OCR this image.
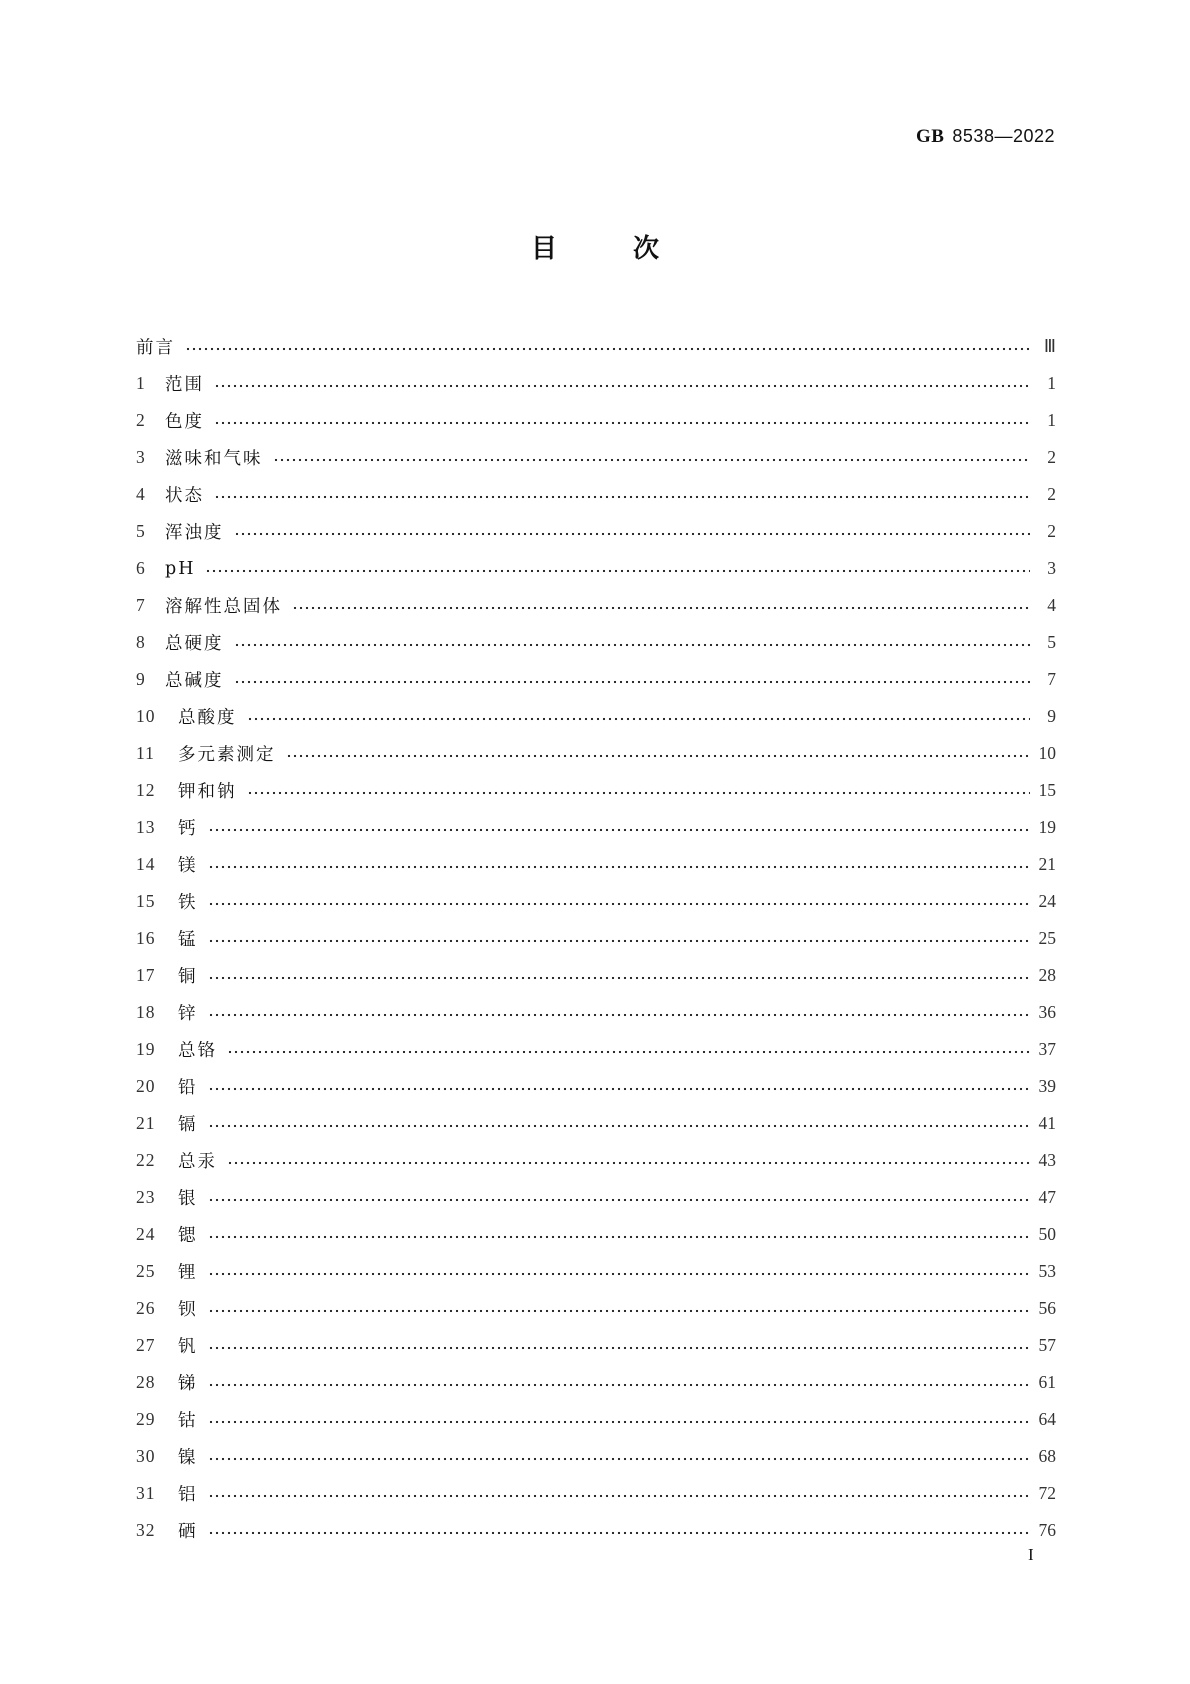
GB 8538—2022
目	次
前言	Ⅲ
1	范围	1
2	色度	1
3	滋味和气味	2
4	状态	2
5	浑浊度	2
6	pH	3
7	溶解性总固体	4
8	总硬度	5
9	总碱度	7
10	总酸度	9
11	多元素测定	10
12	钾和钠	15
13	钙	19
14	镁	21
15	铁	24
16	锰	25
17	铜	28
18	锌	36
19	总铬	37
20	铅	39
21	镉	41
22	总汞	43
23	银	47
24	锶	50
25	锂	53
26	钡	56
27	钒	57
28	锑	61
29	钴	64
30	镍	68
31	铝	72
32	硒	76
I
